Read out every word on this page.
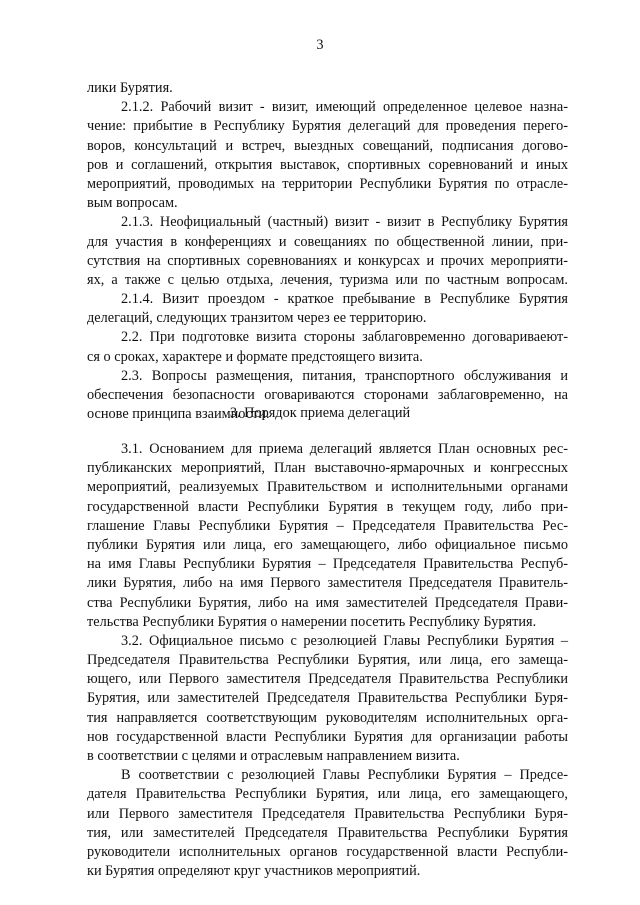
3
лики Бурятия.
2.1.2. Рабочий визит - визит, имеющий определенное целевое назна-
чение: прибытие в Республику Бурятия делегаций для проведения перего-
воров, консультаций и встреч, выездных совещаний, подписания догово-
ров и соглашений, открытия выставок, спортивных соревнований и иных
мероприятий, проводимых на территории Республики Бурятия по отрасле-
вым вопросам.
2.1.3. Неофициальный (частный) визит - визит в Республику Бурятия
для участия в конференциях и совещаниях по общественной линии, при-
сутствия на спортивных соревнованиях и конкурсах и прочих мероприяти-
ях, а также с целью отдыха, лечения, туризма или по частным вопросам.
2.1.4. Визит проездом - краткое пребывание в Республике Бурятия
делегаций, следующих транзитом через ее территорию.
2.2. При подготовке визита стороны заблаговременно договариваеют-
ся о сроках, характере и формате предстоящего визита.
2.3. Вопросы размещения, питания, транспортного обслуживания и
обеспечения безопасности оговариваются сторонами заблаговременно, на
основе принципа взаимности.
3. Порядок приема делегаций
3.1. Основанием для приема делегаций является План основных рес-
публиканских мероприятий, План выставочно-ярмарочных и конгрессных
мероприятий, реализуемых Правительством и исполнительными органами
государственной власти Республики Бурятия в текущем году, либо при-
глашение Главы Республики Бурятия – Председателя Правительства Рес-
публики Бурятия или лица, его замещающего, либо официальное письмо
на имя Главы Республики Бурятия – Председателя Правительства Респуб-
лики Бурятия, либо на имя Первого заместителя Председателя Правитель-
ства Республики Бурятия, либо на имя заместителей Председателя Прави-
тельства Республики Бурятия о намерении посетить Республику Бурятия.
3.2. Официальное письмо с резолюцией Главы Республики Бурятия –
Председателя Правительства Республики Бурятия, или лица, его замеща-
ющего, или Первого заместителя Председателя Правительства Республики
Бурятия, или заместителей Председателя Правительства Республики Буря-
тия направляется соответствующим руководителям исполнительных орга-
нов государственной власти Республики Бурятия для организации работы
в соответствии с целями и отраслевым направлением визита.
В соответствии с резолюцией Главы Республики Бурятия – Предсе-
дателя Правительства Республики Бурятия, или лица, его замещающего,
или Первого заместителя Председателя Правительства Республики Буря-
тия, или заместителей Председателя Правительства Республики Бурятия
руководители исполнительных органов государственной власти Республи-
ки Бурятия определяют круг участников мероприятий.
